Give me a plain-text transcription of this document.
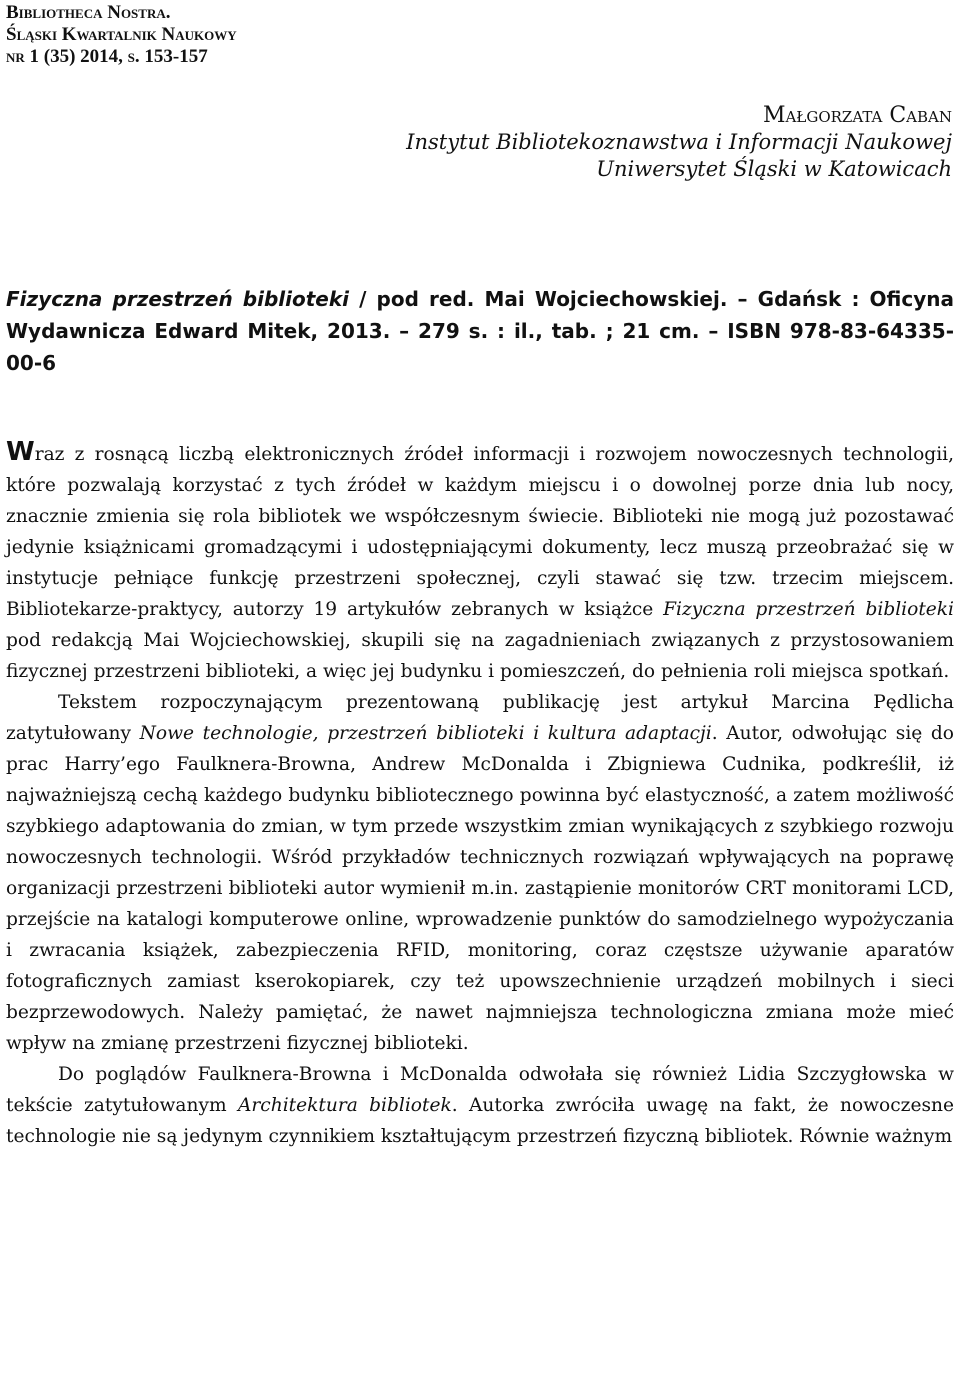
Bibliotheca Nostra.
Śląski Kwartalnik Naukowy
nr 1 (35) 2014, s. 153-157
Małgorzata Caban
Instytut Bibliotekoznawstwa i Informacji Naukowej
Uniwersytet Śląski w Katowicach
Fizyczna przestrzeń biblioteki / pod red. Mai Wojciechowskiej. – Gdańsk : Oficyna Wydawnicza Edward Mitek, 2013. – 279 s. : il., tab. ; 21 cm. – ISBN 978-83-64335-00-6

Wraz z rosnącą liczbą elektronicznych źródeł informacji i rozwojem nowoczesnych technologii, które pozwalają korzystać z tych źródeł w każdym miejscu i o dowolnej porze dnia lub nocy, znacznie zmienia się rola bibliotek we współczesnym świecie. Biblioteki nie mogą już pozostawać jedynie książnicami gromadzącymi i udostępniającymi dokumenty, lecz muszą przeobrażać się w instytucje pełniące funkcję przestrzeni społecznej, czyli stawać się tzw. trzecim miejscem. Bibliotekarze-praktycy, autorzy 19 artykułów zebranych w książce Fizyczna przestrzeń biblioteki pod redakcją Mai Wojciechowskiej, skupili się na zagadnieniach związanych z przystosowaniem fizycznej przestrzeni biblioteki, a więc jej budynku i pomieszczeń, do pełnienia roli miejsca spotkań.

Tekstem rozpoczynającym prezentowaną publikację jest artykuł Marcina Pędlicha zatytułowany Nowe technologie, przestrzeń biblioteki i kultura adaptacji. Autor, odwołując się do prac Harry’ego Faulknera-Browna, Andrew McDonalda i Zbigniewa Cudnika, podkreślił, iż najważniejszą cechą każdego budynku bibliotecznego powinna być elastyczność, a zatem możliwość szybkiego adaptowania do zmian, w tym przede wszystkim zmian wynikających z szybkiego rozwoju nowoczesnych technologii. Wśród przykładów technicznych rozwiązań wpływających na poprawę organizacji przestrzeni biblioteki autor wymienił m.in. zastąpienie monitorów CRT monitorami LCD, przejście na katalogi komputerowe online, wprowadzenie punktów do samodzielnego wypożyczania i zwracania książek, zabezpieczenia RFID, monitoring, coraz częstsze używanie aparatów fotograficznych zamiast kserokopiarek, czy też upowszechnienie urządzeń mobilnych i sieci bezprzewodowych. Należy pamiętać, że nawet najmniejsza technologiczna zmiana może mieć wpływ na zmianę przestrzeni fizycznej biblioteki.

Do poglądów Faulknera-Browna i McDonalda odwołała się również Lidia Szczygłowska w tekście zatytułowanym Architektura bibliotek. Autorka zwróciła uwagę na fakt, że nowoczesne technologie nie są jedynym czynnikiem kształtującym przestrzeń fizyczną bibliotek. Równie ważnym
